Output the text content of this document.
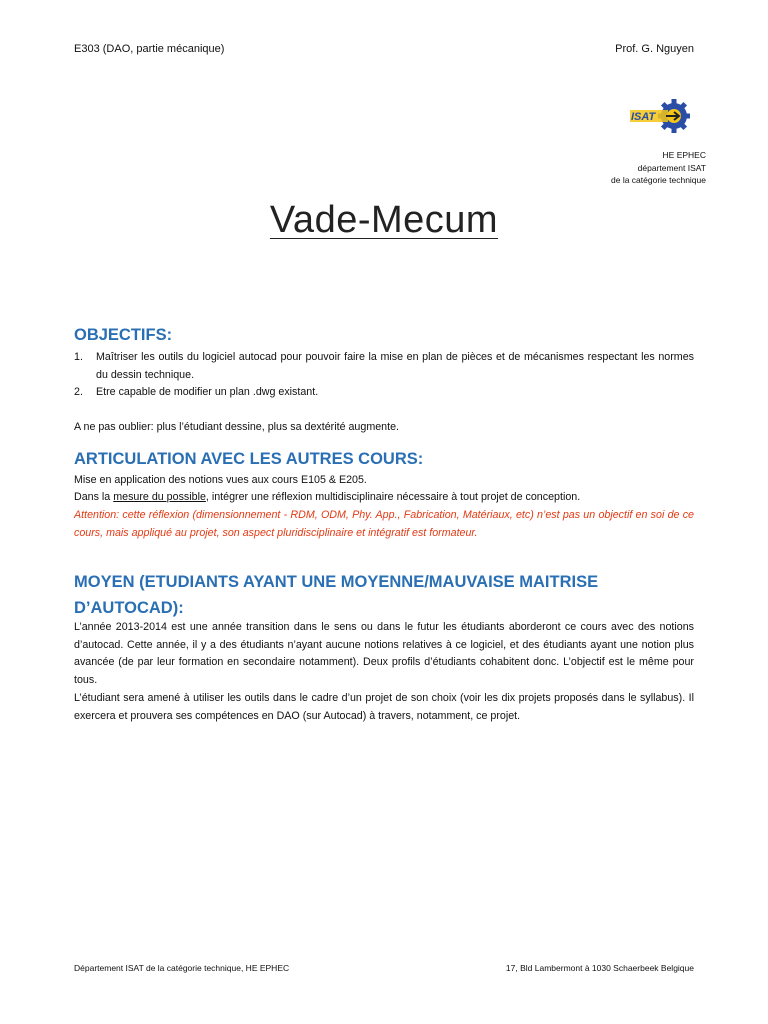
E303 (DAO, partie mécanique)	Prof. G. Nguyen
ISAT
HE EPHEC
département ISAT
de la catégorie technique
Vade-Mecum
OBJECTIFS:
1. Maîtriser les outils du logiciel autocad pour pouvoir faire la mise en plan de pièces et de mécanismes respectant les normes du dessin technique.
2. Etre capable de modifier un plan .dwg existant.

A ne pas oublier: plus l’étudiant dessine, plus sa dextérité augmente.

ARTICULATION AVEC LES AUTRES COURS:

Mise en application des notions vues aux cours E105 & E205.

Dans la mesure du possible, intégrer une réflexion multidisciplinaire nécessaire à tout projet de conception.

Attention: cette réflexion (dimensionnement - RDM, ODM, Phy. App., Fabrication, Matériaux, etc) n’est pas un objectif en soi de ce cours, mais appliqué au projet, son aspect pluridisciplinaire et intégratif est formateur.

MOYEN (ETUDIANTS AYANT UNE MOYENNE/MAUVAISE MAITRISE D’AUTOCAD):

L’année 2013-2014 est une année transition dans le sens ou dans le futur les étudiants aborderont ce cours avec des notions d’autocad. Cette année, il y a des étudiants n’ayant aucune notions relatives à ce logiciel, et des étudiants ayant une notion plus avancée (de par leur formation en secondaire notamment). Deux profils d’étudiants cohabitent donc. L’objectif est le même pour tous.

L’étudiant sera amené à utiliser les outils dans le cadre d’un projet de son choix (voir les dix projets proposés dans le syllabus). Il exercera et prouvera ses compétences en DAO (sur Autocad) à travers, notamment, ce projet.

Département ISAT de la catégorie technique, HE EPHEC	17, Bld Lambermont à 1030 Schaerbeek Belgique
